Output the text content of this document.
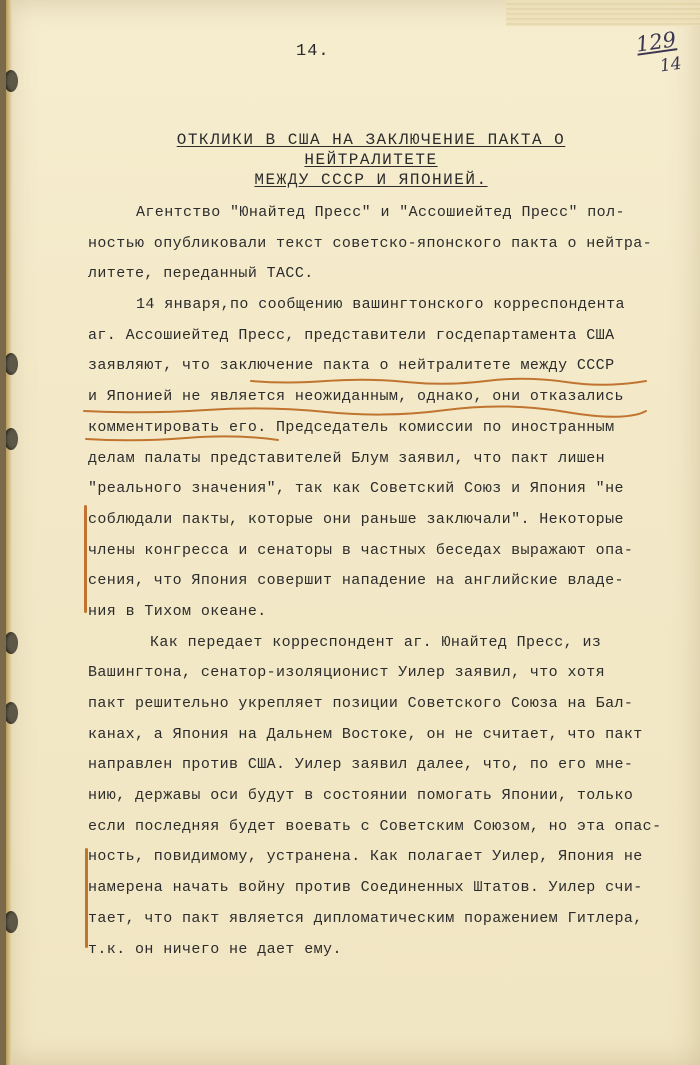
14.	129
14
ОТКЛИКИ В США НА ЗАКЛЮЧЕНИЕ ПАКТА О НЕЙТРАЛИТЕТЕ
МЕЖДУ СССР И ЯПОНИЕЙ.
Агентство "Юнайтед Пресс" и "Ассошиейтед Пресс" пол-
ностью опубликовали текст советско-японского пакта о нейтра-
литете, переданный ТАСС.
14 января,по сообщению вашингтонского корреспондента
аг. Ассошиейтед Пресс, представители госдепартамента США
заявляют, что заключение пакта о нейтралитете между СССР
и Японией не является неожиданным, однако, они отказались
комментировать его. Председатель комиссии по иностранным
делам палаты представителей Блум заявил, что пакт лишен
"реального значения", так как Советский Союз и Япония "не
соблюдали пакты, которые они раньше заключали". Некоторые
члены конгресса и сенаторы в частных беседах выражают опа-
сения, что Япония совершит нападение на английские владе-
ния в Тихом океане.
Как передает корреспондент аг. Юнайтед Пресс, из
Вашингтона, сенатор-изоляционист Уилер заявил, что хотя
пакт решительно укрепляет позиции Советского Союза на Бал-
канах, а Япония на Дальнем Востоке, он не считает, что пакт
направлен против США. Уилер заявил далее, что, по его мне-
нию, державы оси будут в состоянии помогать Японии, только
если последняя будет воевать с Советским Союзом, но эта опас-
ность, повидимому, устранена. Как полагает Уилер, Япония не
намерена начать войну против Соединенных Штатов. Уилер счи-
тает, что пакт является дипломатическим поражением Гитлера,
т.к. он ничего не дает ему.
